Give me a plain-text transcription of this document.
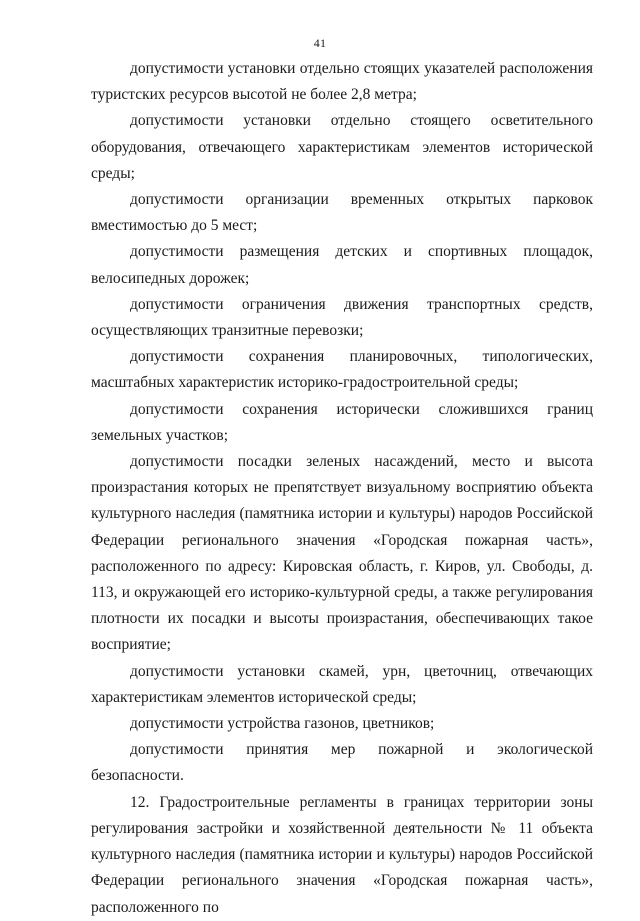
41

допустимости установки отдельно стоящих указателей расположения туристских ресурсов высотой не более 2,8 метра;

допустимости установки отдельно стоящего осветительного оборудования, отвечающего характеристикам элементов исторической среды;

допустимости организации временных открытых парковок вместимостью до 5 мест;

допустимости размещения детских и спортивных площадок, велосипедных дорожек;

допустимости ограничения движения транспортных средств, осуществляющих транзитные перевозки;

допустимости сохранения планировочных, типологических, масштабных характеристик историко-градостроительной среды;

допустимости сохранения исторически сложившихся границ земельных участков;

допустимости посадки зеленых насаждений, место и высота произрастания которых не препятствует визуальному восприятию объекта культурного наследия (памятника истории и культуры) народов Российской Федерации регионального значения «Городская пожарная часть», расположенного по адресу: Кировская область, г. Киров, ул. Свободы, д. 113, и окружающей его историко-культурной среды, а также регулирования плотности их посадки и высоты произрастания, обеспечивающих такое восприятие;

допустимости установки скамей, урн, цветочниц, отвечающих характеристикам элементов исторической среды;

допустимости устройства газонов, цветников;

допустимости принятия мер пожарной и экологической безопасности.

12. Градостроительные регламенты в границах территории зоны регулирования застройки и хозяйственной деятельности № 11 объекта культурного наследия (памятника истории и культуры) народов Российской Федерации регионального значения «Городская пожарная часть», расположенного по
